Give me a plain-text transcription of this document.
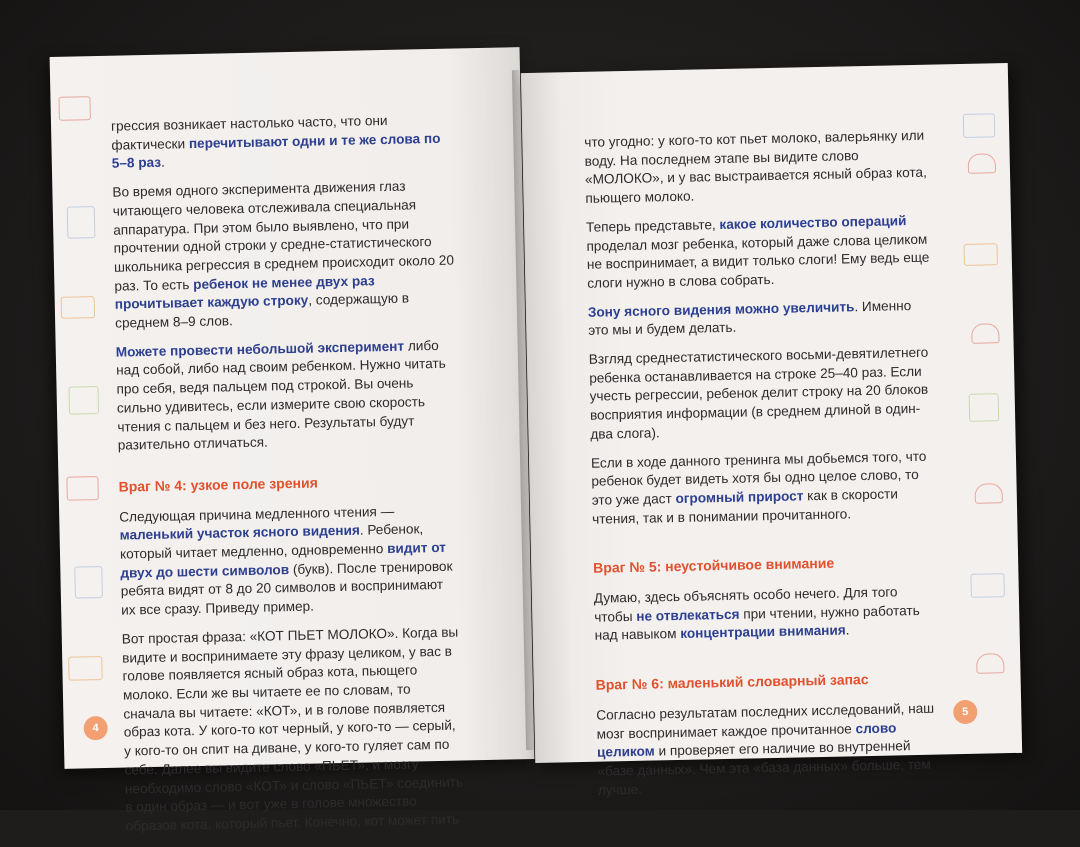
грессия возникает настолько часто, что они фактически перечитывают одни и те же слова по 5–8 раз.

Во время одного эксперимента движения глаз читающего человека отслеживала специальная аппаратура. При этом было выявлено, что при прочтении одной строки у средне-статистического школьника регрессия в среднем происходит около 20 раз. То есть ребенок не менее двух раз прочитывает каждую строку, содержащую в среднем 8–9 слов.

Можете провести небольшой эксперимент либо над собой, либо над своим ребенком. Нужно читать про себя, ведя пальцем под строкой. Вы очень сильно удивитесь, если измерите свою скорость чтения с пальцем и без него. Результаты будут разительно отличаться.

Враг № 4: узкое поле зрения

Следующая причина медленного чтения — маленький участок ясного видения. Ребенок, который читает медленно, одновременно видит от двух до шести символов (букв). После тренировок ребята видят от 8 до 20 символов и воспринимают их все сразу. Приведу пример.

Вот простая фраза: «КОТ ПЬЕТ МОЛОКО». Когда вы видите и воспринимаете эту фразу целиком, у вас в голове появляется ясный образ кота, пьющего молоко. Если же вы читаете ее по словам, то сначала вы читаете: «КОТ», и в голове появляется образ кота. У кого-то кот черный, у кого-то — серый, у кого-то он спит на диване, у кого-то гуляет сам по себе. Далее вы видите слово «ПЬЕТ», и мозгу необходимо слово «КОТ» и слово «ПЬЕТ» соединить в один образ — и вот уже в голове множество образов кота, который пьет. Конечно, кот может пить

4

что угодно: у кого-то кот пьет молоко, валерьянку или воду. На последнем этапе вы видите слово «МОЛОКО», и у вас выстраивается ясный образ кота, пьющего молоко.

Теперь представьте, какое количество операций проделал мозг ребенка, который даже слова целиком не воспринимает, а видит только слоги! Ему ведь еще слоги нужно в слова собрать.

Зону ясного видения можно увеличить. Именно это мы и будем делать.

Взгляд среднестатистического восьми-девятилетнего ребенка останавливается на строке 25–40 раз. Если учесть регрессии, ребенок делит строку на 20 блоков восприятия информации (в среднем длиной в один-два слога).

Если в ходе данного тренинга мы добьемся того, что ребенок будет видеть хотя бы одно целое слово, то это уже даст огромный прирост как в скорости чтения, так и в понимании прочитанного.

Враг № 5: неустойчивое внимание

Думаю, здесь объяснять особо нечего. Для того чтобы не отвлекаться при чтении, нужно работать над навыком концентрации внимания.

Враг № 6: маленький словарный запас

Согласно результатам последних исследований, наш мозг воспринимает каждое прочитанное слово целиком и проверяет его наличие во внутренней «базе данных». Чем эта «база данных» больше, тем лучше.

5
